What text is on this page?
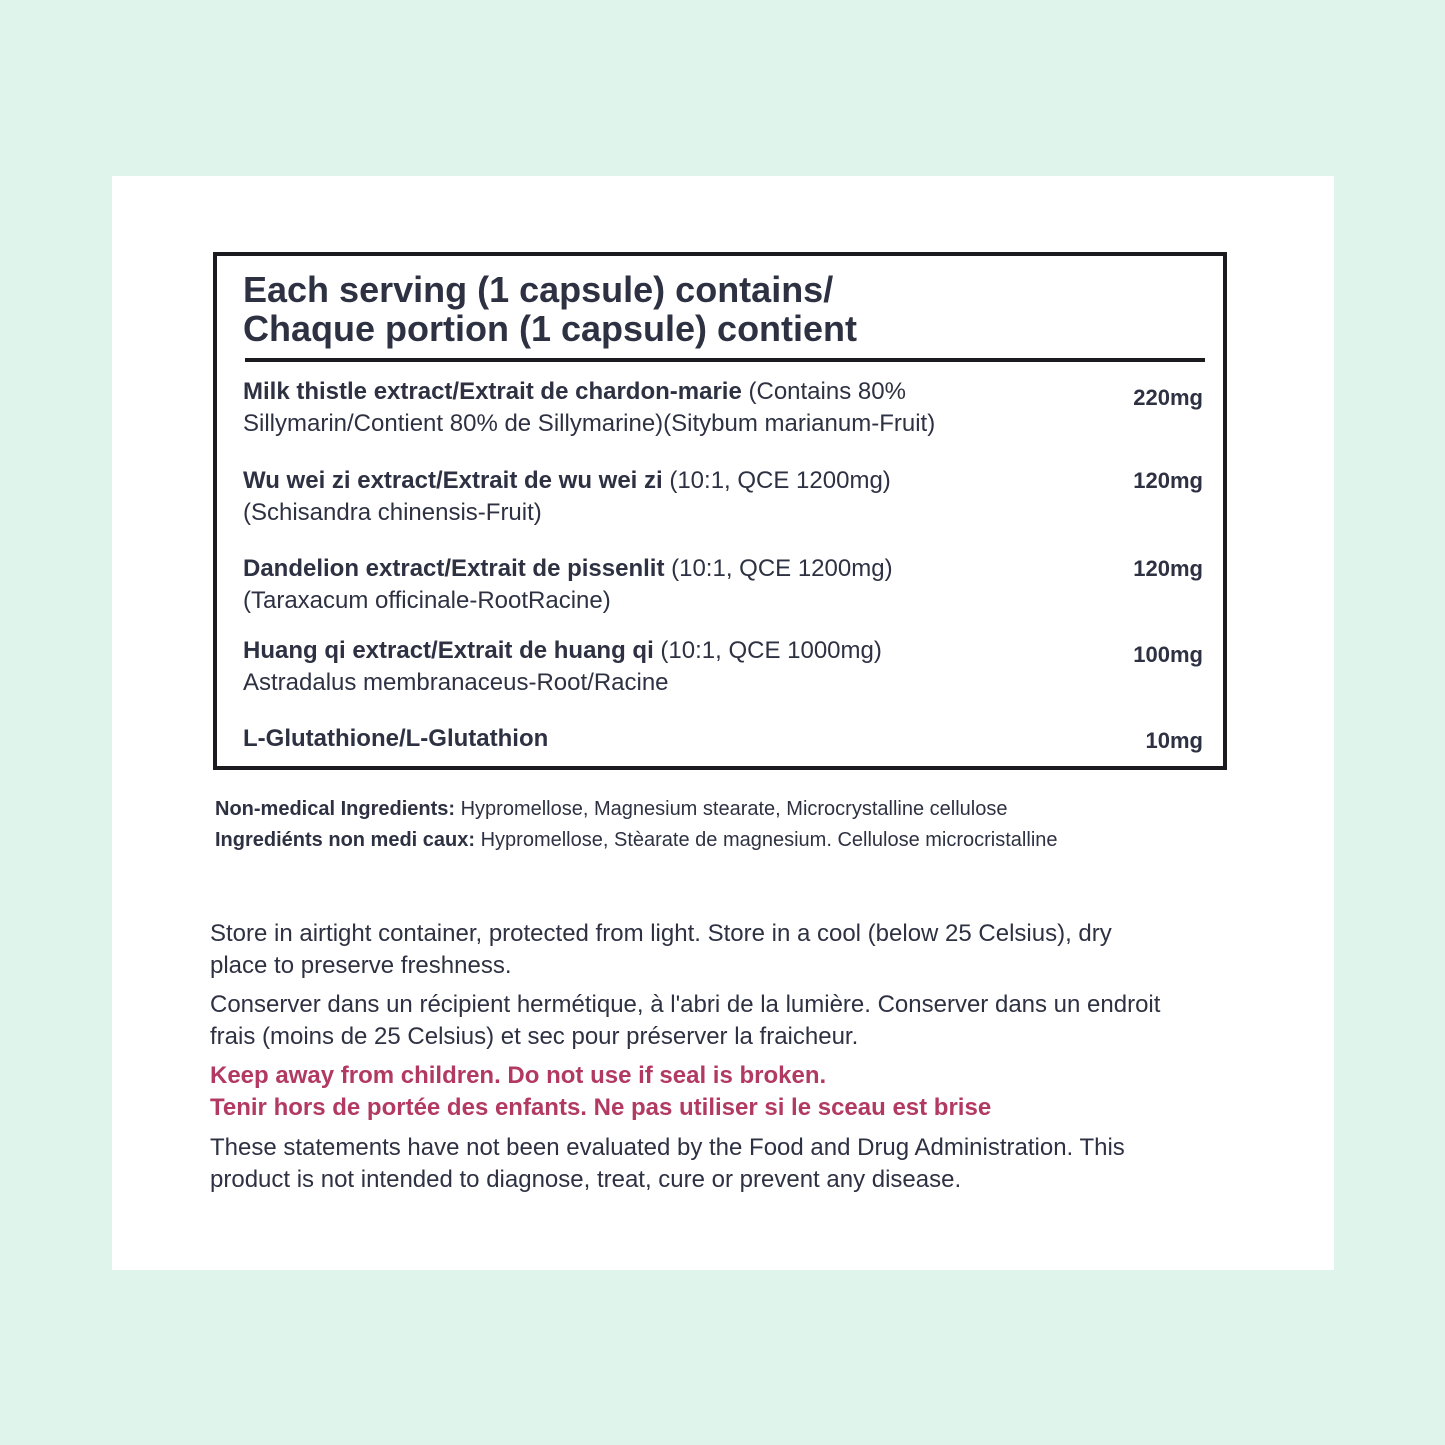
Each serving (1 capsule) contains/
Chaque portion (1 capsule) contient
Milk thistle extract/Extrait de chardon-marie (Contains 80%
Sillymarin/Contient 80% de Sillymarine)(Sitybum marianum-Fruit)
220mg
Wu wei zi extract/Extrait de wu wei zi (10:1, QCE 1200mg)
(Schisandra chinensis-Fruit)
120mg
Dandelion extract/Extrait de pissenlit (10:1, QCE 1200mg)
(Taraxacum officinale-RootRacine)
120mg
Huang qi extract/Extrait de huang qi (10:1, QCE 1000mg)
Astradalus membranaceus-Root/Racine
100mg
L-Glutathione/L-Glutathion	10mg
Non-medical Ingredients: Hypromellose, Magnesium stearate, Microcrystalline cellulose
Ingrediénts non medi caux: Hypromellose, Stèarate de magnesium. Cellulose microcristalline
Store in airtight container, protected from light. Store in a cool (below 25 Celsius), dry
place to preserve freshness.
Conserver dans un récipient hermétique, à l'abri de la lumière. Conserver dans un endroit
frais (moins de 25 Celsius) et sec pour préserver la fraicheur.
Keep away from children. Do not use if seal is broken.
Tenir hors de portée des enfants. Ne pas utiliser si le sceau est brise
These statements have not been evaluated by the Food and Drug Administration. This
product is not intended to diagnose, treat, cure or prevent any disease.
